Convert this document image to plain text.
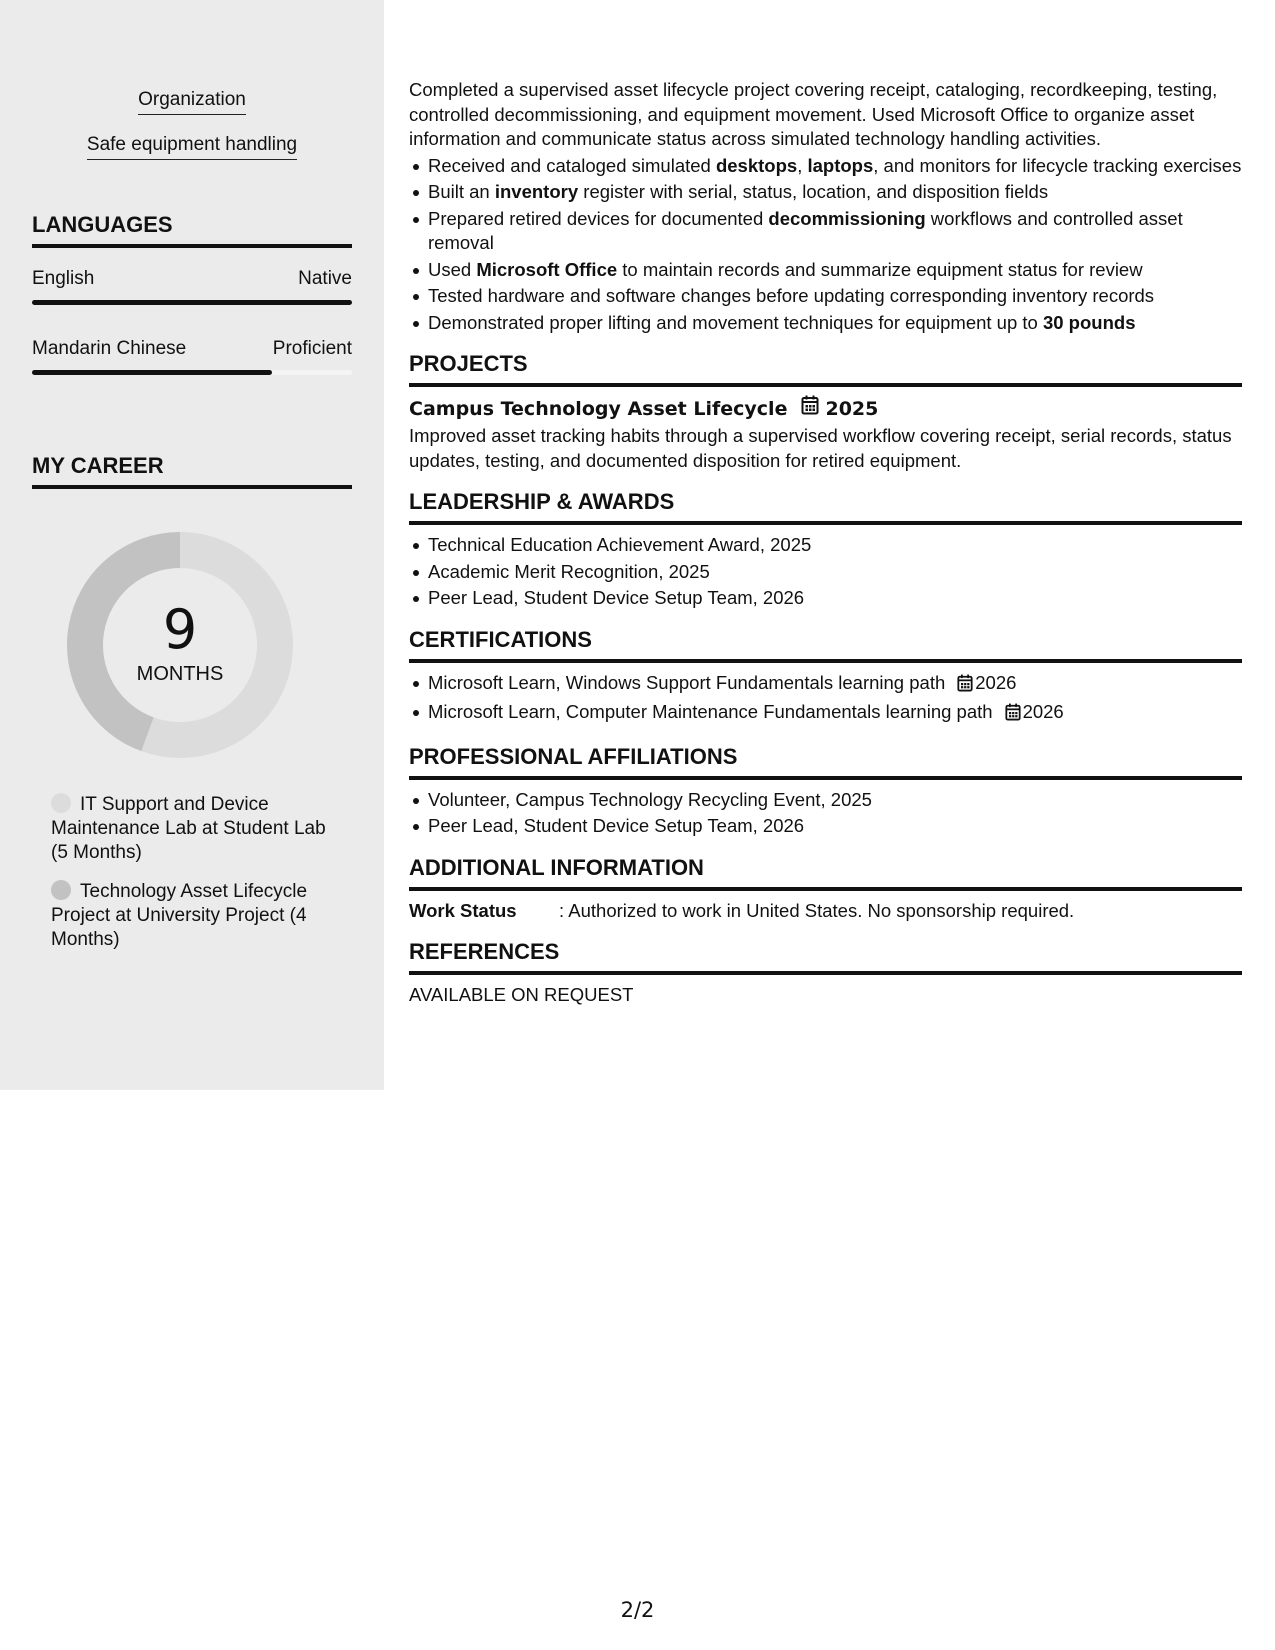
Organization
Safe equipment handling
LANGUAGES
English	Native
Mandarin Chinese	Proficient
MY CAREER
9
MONTHS
IT Support and Device Maintenance Lab at Student Lab (5 Months)
Technology Asset Lifecycle Project at University Project (4 Months)

Completed a supervised asset lifecycle project covering receipt, cataloging, recordkeeping, testing, controlled decommissioning, and equipment movement. Used Microsoft Office to organize asset information and communicate status across simulated technology handling activities.

Received and cataloged simulated desktops, laptops, and monitors for lifecycle tracking exercises
Built an inventory register with serial, status, location, and disposition fields
Prepared retired devices for documented decommissioning workflows and controlled asset removal
Used Microsoft Office to maintain records and summarize equipment status for review
Tested hardware and software changes before updating corresponding inventory records
Demonstrated proper lifting and movement techniques for equipment up to 30 pounds
PROJECTS
Campus Technology Asset Lifecycle 2025

Improved asset tracking habits through a supervised workflow covering receipt, serial records, status updates, testing, and documented disposition for retired equipment.

LEADERSHIP & AWARDS
Technical Education Achievement Award, 2025
Academic Merit Recognition, 2025
Peer Lead, Student Device Setup Team, 2026
CERTIFICATIONS
Microsoft Learn, Windows Support Fundamentals learning path 2026
Microsoft Learn, Computer Maintenance Fundamentals learning path 2026
PROFESSIONAL AFFILIATIONS
Volunteer, Campus Technology Recycling Event, 2025
Peer Lead, Student Device Setup Team, 2026
ADDITIONAL INFORMATION
Work Status	: Authorized to work in United States. No sponsorship required.
REFERENCES

AVAILABLE ON REQUEST

2/2
